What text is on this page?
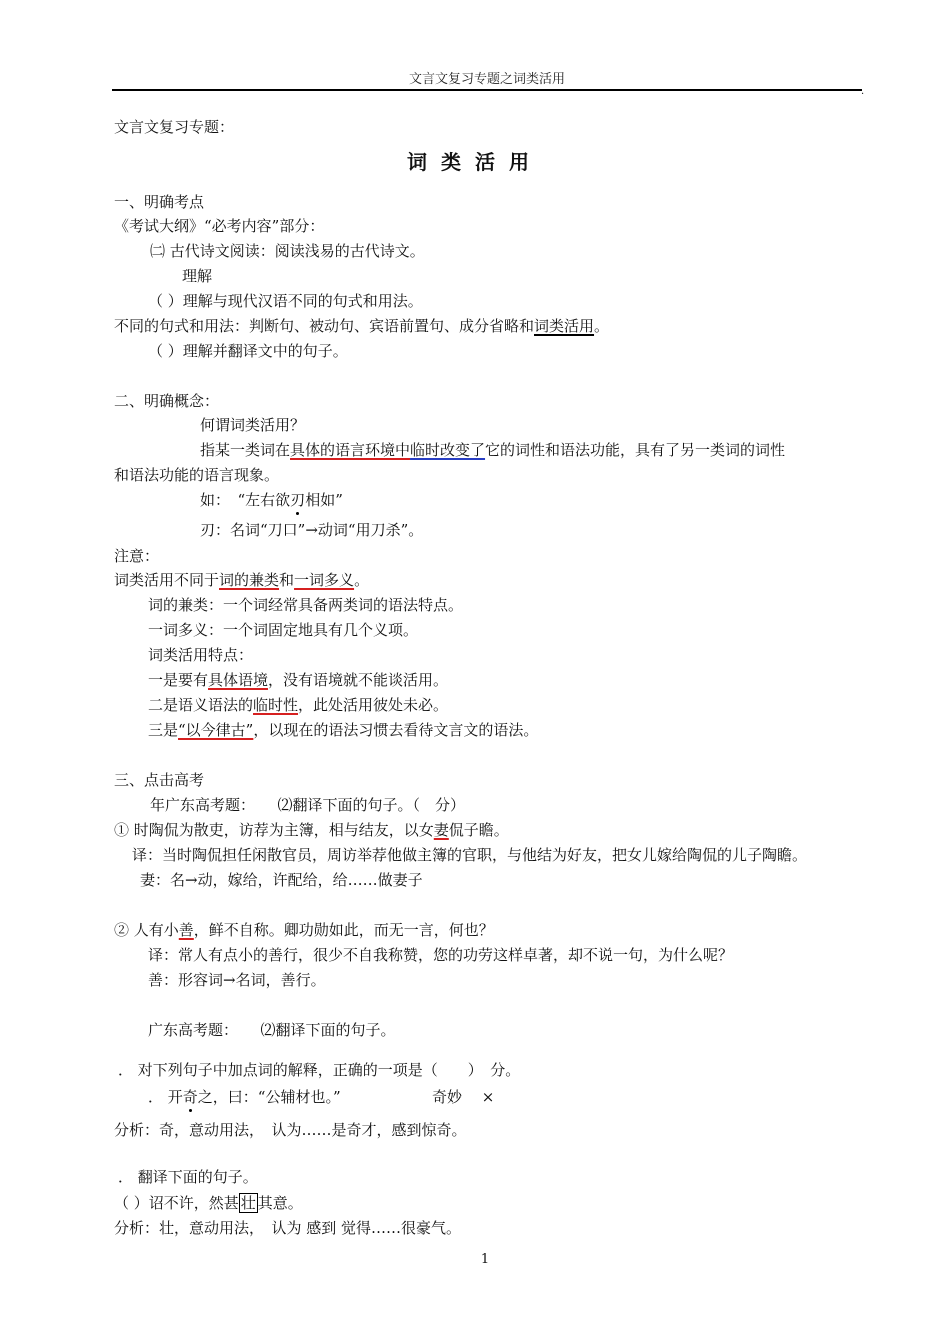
文言文复习专题之词类活用
.
文言文复习专题：
词类活用
一、明确考点
《考试大纲》“必考内容”部分：
㈡ 古代诗文阅读：阅读浅易的古代诗文。
理解
（ ）理解与现代汉语不同的句式和用法。
不同的句式和用法：判断句、被动句、宾语前置句、成分省略和词类活用。
（ ）理解并翻译文中的句子。
二、明确概念：
何谓词类活用？
指某一类词在具体的语言环境中临时改变了它的词性和语法功能，具有了另一类词的词性
和语法功能的语言现象。
如：　“左右欲刃相如”
刃：名词“刀口”→动词“用刀杀”。
注意：
词类活用不同于词的兼类和一词多义。
词的兼类：一个词经常具备两类词的语法特点。
一词多义：一个词固定地具有几个义项。
词类活用特点：
一是要有具体语境，没有语境就不能谈活用。
二是语义语法的临时性，此处活用彼处未必。
三是“以今律古”，以现在的语法习惯去看待文言文的语法。
三、点击高考
年广东高考题：　　⑵翻译下面的句子。（　分）
① 时陶侃为散吏，访荐为主簿，相与结友，以女妻侃子瞻。
译：当时陶侃担任闲散官员，周访举荐他做主簿的官职，与他结为好友，把女儿嫁给陶侃的儿子陶瞻。
妻：名→动，嫁给，许配给，给……做妻子
② 人有小善，鲜不自称。卿功勋如此，而无一言，何也？
译：常人有点小的善行，很少不自我称赞，您的功劳这样卓著，却不说一句，为什么呢？
善：形容词→名词，善行。
广东高考题：　　⑵翻译下面的句子。
． 对下列句子中加点词的解释，正确的一项是（　　）　分。
． 开奇之，曰：“公辅材也。”	奇妙　 ×
分析：奇，意动用法，　认为……是奇才，感到惊奇。
． 翻译下面的句子。
（ ）诏不许，然甚 壮 其意。
分析：壮，意动用法，　认为 感到 觉得……很豪气。
1
